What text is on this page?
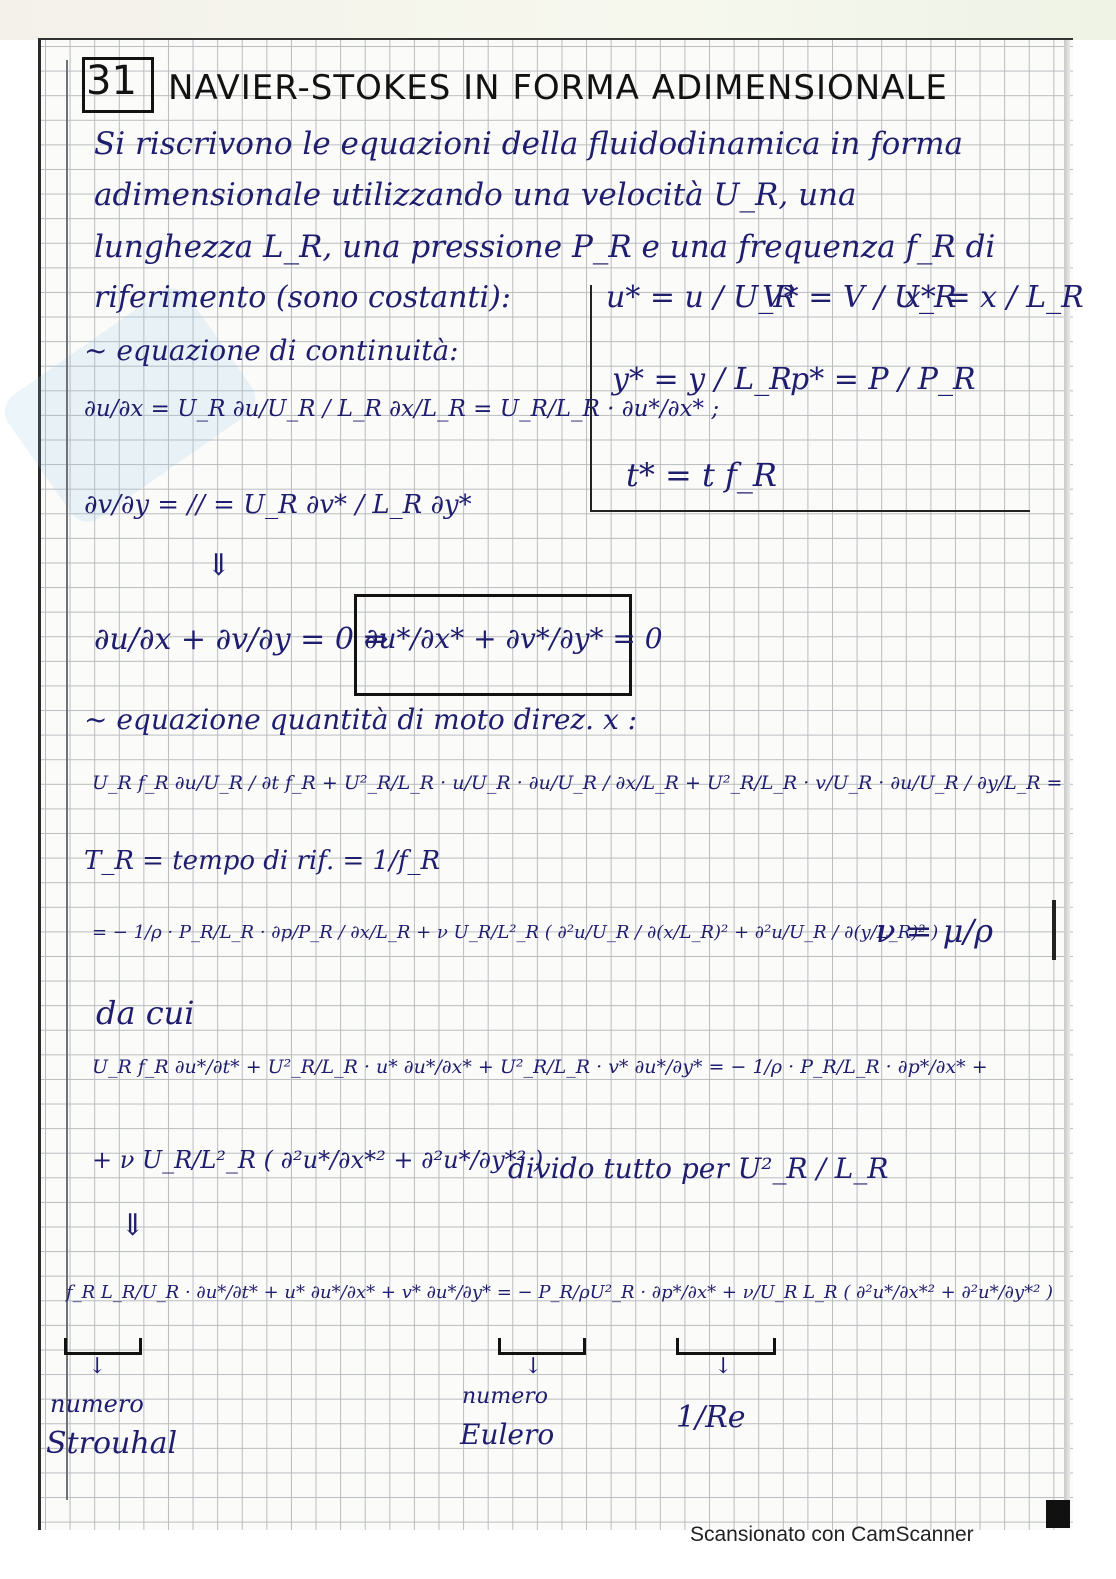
31 NAVIER-STOKES IN FORMA ADIMENSIONALE
Si riscrivono le equazioni della fluidodinamica in forma
adimensionale utilizzando una velocità U_R, una
lunghezza L_R, una pressione P_R e una frequenza f_R di
riferimento (sono costanti):	u* = u / U_R
V* = V / U_R
x* = x / L_R
y* = y / L_R
p* = P / P_R
t* = t f_R
~ equazione di continuità:
∂u/∂x = U_R ∂u/U_R / L_R ∂x/L_R = U_R/L_R · ∂u*/∂x* ;
∂v/∂y = // = U_R ∂v* / L_R ∂y*
⇓
∂u/∂x + ∂v/∂y = 0 ⇒
∂u*/∂x* + ∂v*/∂y* = 0
~ equazione quantità di moto direz. x :
U_R f_R ∂u/U_R / ∂t f_R + U²_R/L_R · u/U_R · ∂u/U_R / ∂x/L_R + U²_R/L_R · v/U_R · ∂u/U_R / ∂y/L_R =
T_R = tempo di rif. = 1/f_R
= − 1/ρ · P_R/L_R · ∂p/P_R / ∂x/L_R + ν U_R/L²_R ( ∂²u/U_R / ∂(x/L_R)² + ∂²u/U_R / ∂(y/L_R)² )
ν = μ/ρ
da cui
U_R f_R ∂u*/∂t* + U²_R/L_R · u* ∂u*/∂x* + U²_R/L_R · v* ∂u*/∂y* = − 1/ρ · P_R/L_R · ∂p*/∂x* +
+ ν U_R/L²_R ( ∂²u*/∂x*² + ∂²u*/∂y*² )
divido tutto per U²_R / L_R
⇓
f_R L_R/U_R · ∂u*/∂t* + u* ∂u*/∂x* + v* ∂u*/∂y* = − P_R/ρU²_R · ∂p*/∂x* + ν/U_R L_R ( ∂²u*/∂x*² + ∂²u*/∂y*² )
↓	↓	↓
numero
Strouhal
numero
Eulero	1/Re
Scansionato con CamScanner
